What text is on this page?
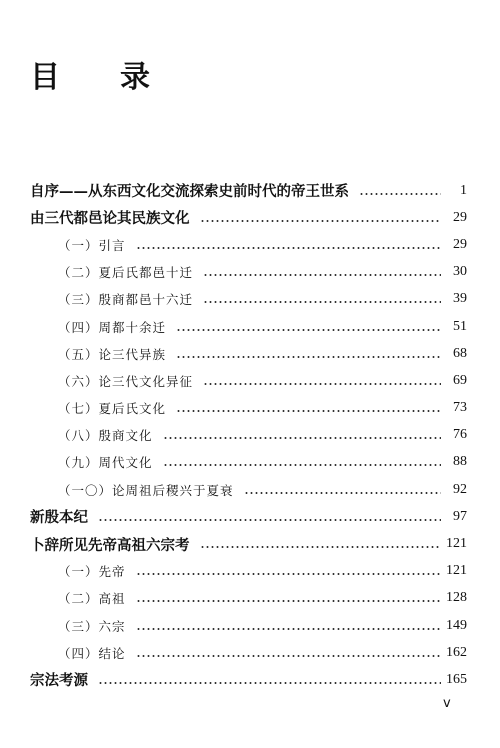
目　　录
自序——从东西文化交流探索史前时代的帝王世系	1
由三代都邑论其民族文化	29
（一）引言	29
（二）夏后氏都邑十迁	30
（三）殷商都邑十六迁	39
（四）周都十余迁	51
（五）论三代异族	68
（六）论三代文化异征	69
（七）夏后氏文化	73
（八）殷商文化	76
（九）周代文化	88
（一〇）论周祖后稷兴于夏衰	92
新殷本纪	97
卜辞所见先帝高祖六宗考	121
（一）先帝	121
（二）高祖	128
（三）六宗	149
（四）结论	162
宗法考源	165
v
